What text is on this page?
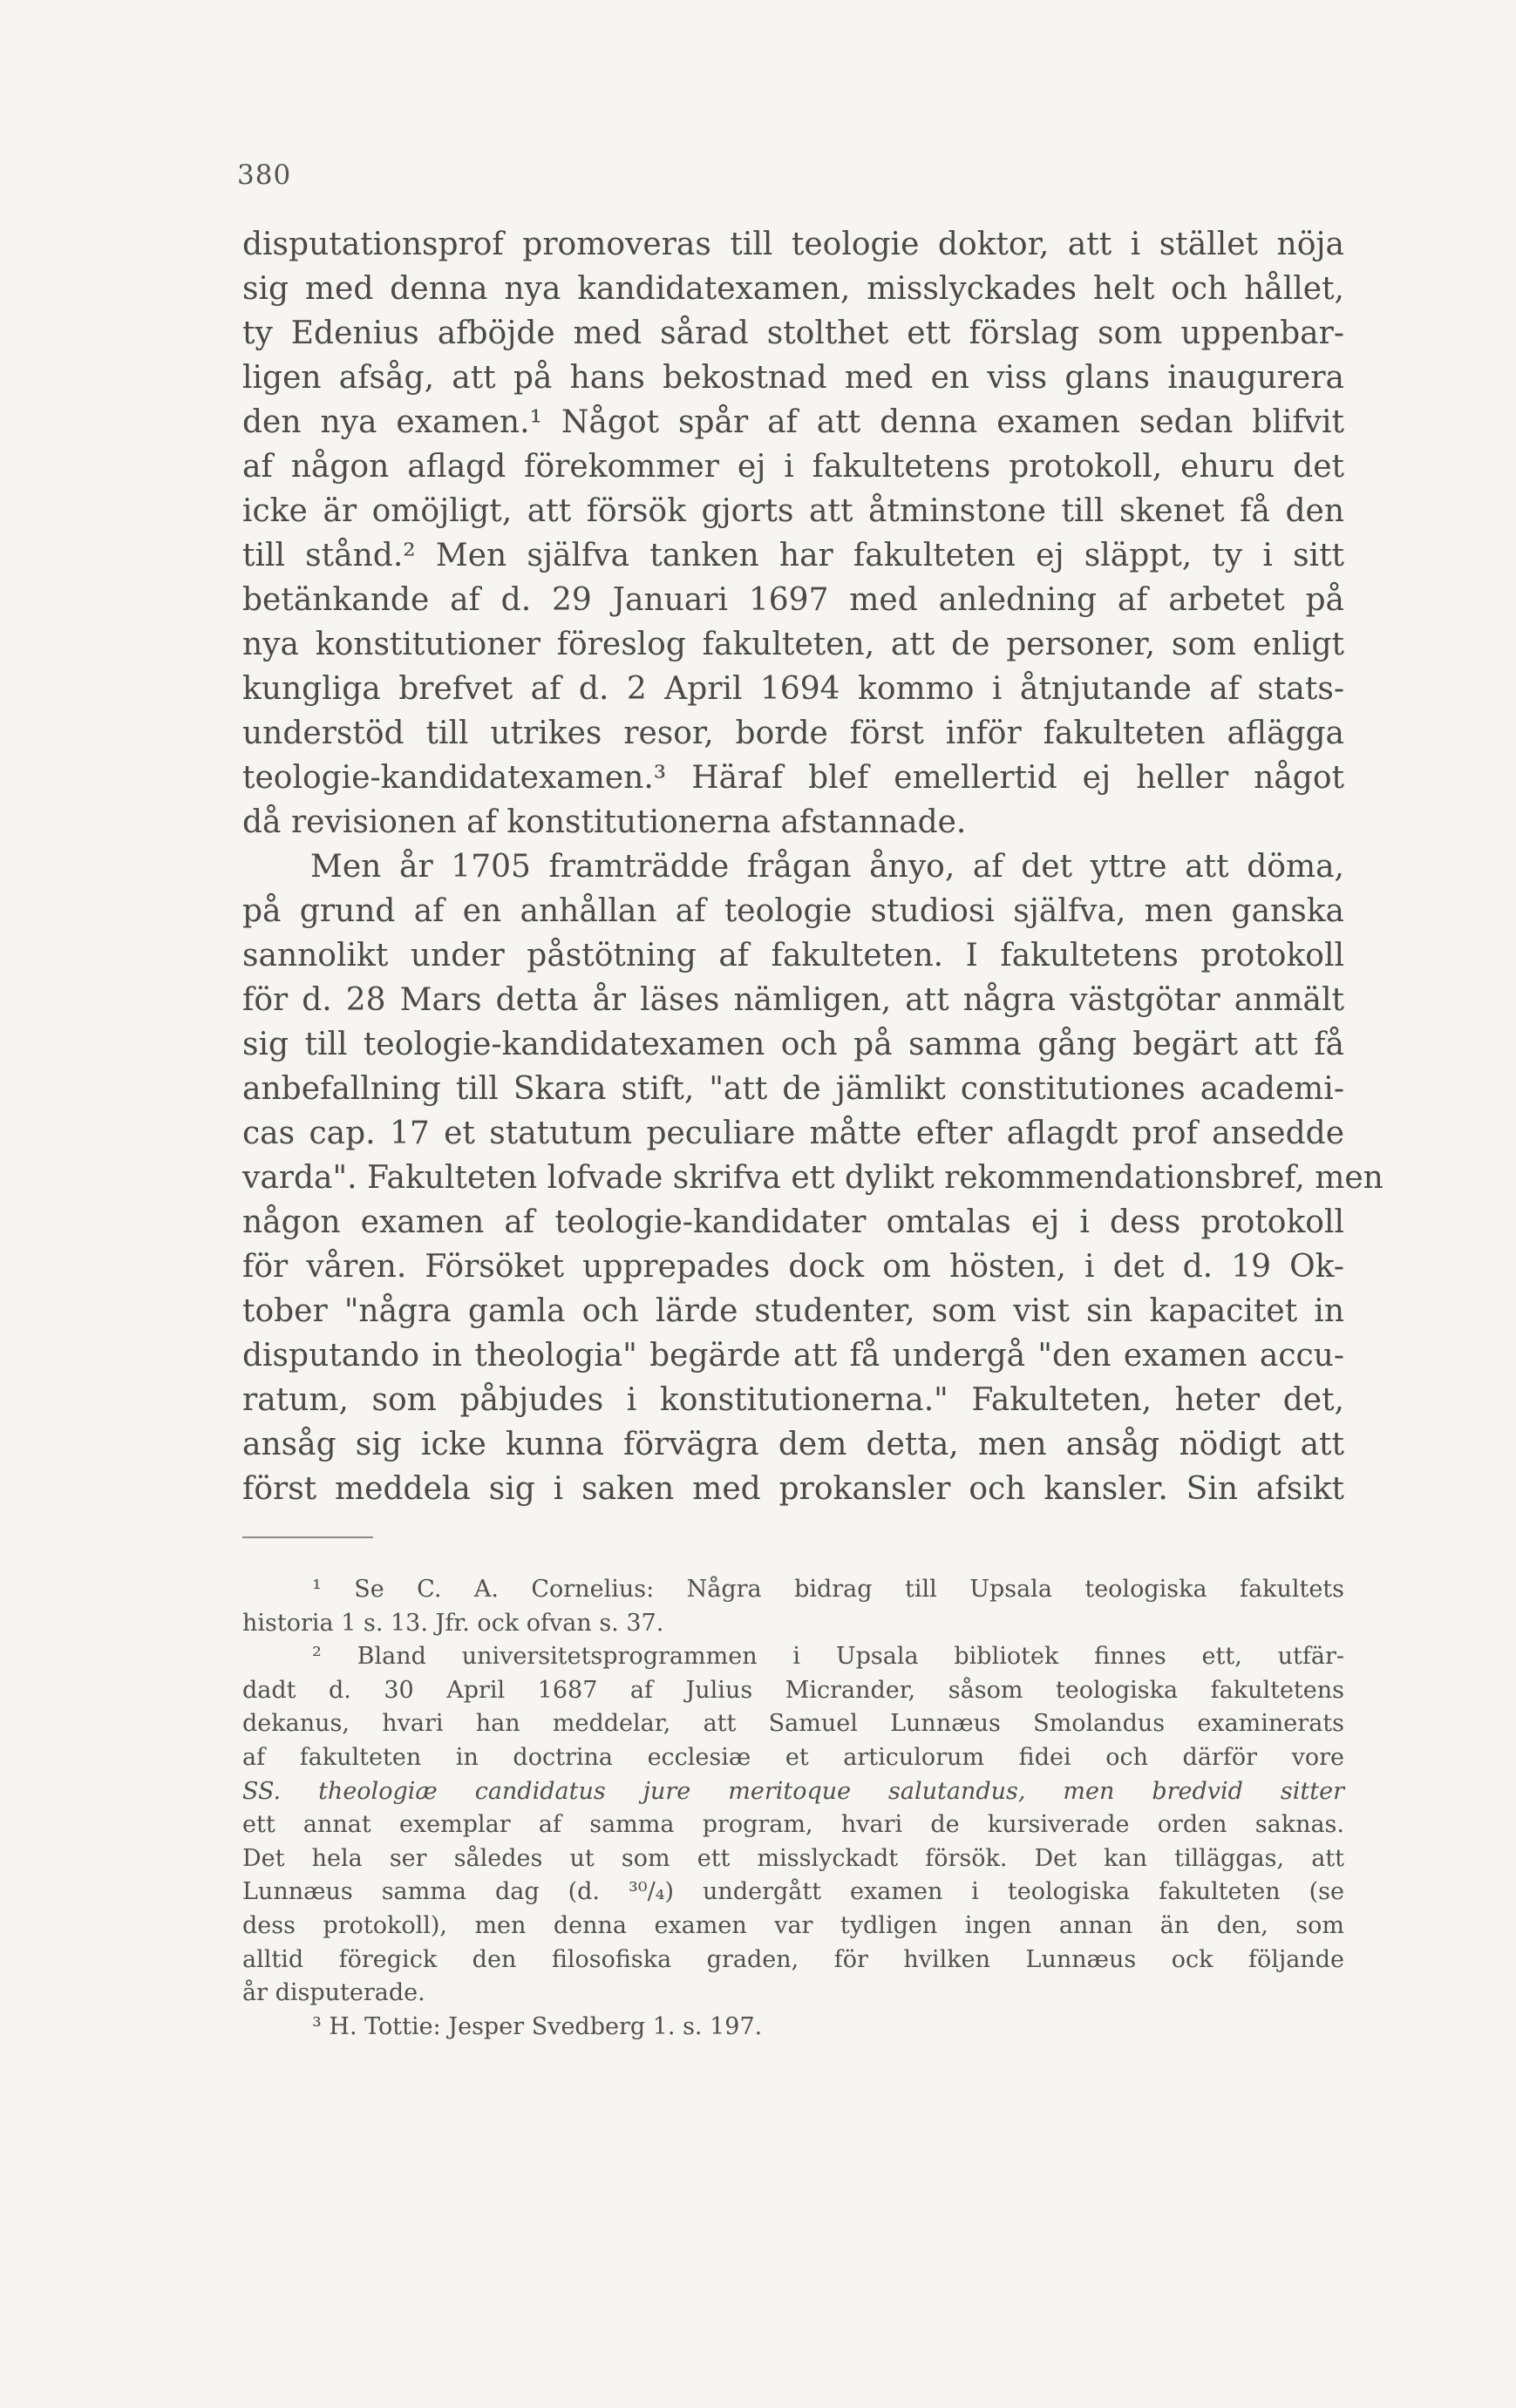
380
disputationsprof promoveras till teologie doktor, att i stället nöja
sig med denna nya kandidatexamen, misslyckades helt och hållet,
ty Edenius afböjde med sårad stolthet ett förslag som uppenbar-
ligen afsåg, att på hans bekostnad med en viss glans inaugurera
den nya examen.¹ Något spår af att denna examen sedan blifvit
af någon aflagd förekommer ej i fakultetens protokoll, ehuru det
icke är omöjligt, att försök gjorts att åtminstone till skenet få den
till stånd.² Men själfva tanken har fakulteten ej släppt, ty i sitt
betänkande af d. 29 Januari 1697 med anledning af arbetet på
nya konstitutioner föreslog fakulteten, att de personer, som enligt
kungliga brefvet af d. 2 April 1694 kommo i åtnjutande af stats-
understöd till utrikes resor, borde först inför fakulteten aflägga
teologie-kandidatexamen.³ Häraf blef emellertid ej heller något
då revisionen af konstitutionerna afstannade.
Men år 1705 framträdde frågan ånyo, af det yttre att döma,
på grund af en anhållan af teologie studiosi själfva, men ganska
sannolikt under påstötning af fakulteten. I fakultetens protokoll
för d. 28 Mars detta år läses nämligen, att några västgötar anmält
sig till teologie-kandidatexamen och på samma gång begärt att få
anbefallning till Skara stift, "att de jämlikt constitutiones academi-
cas cap. 17 et statutum peculiare måtte efter aflagdt prof ansedde
varda". Fakulteten lofvade skrifva ett dylikt rekommendationsbref, men
någon examen af teologie-kandidater omtalas ej i dess protokoll
för våren. Försöket upprepades dock om hösten, i det d. 19 Ok-
tober "några gamla och lärde studenter, som vist sin kapacitet in
disputando in theologia" begärde att få undergå "den examen accu-
ratum, som påbjudes i konstitutionerna." Fakulteten, heter det,
ansåg sig icke kunna förvägra dem detta, men ansåg nödigt att
först meddela sig i saken med prokansler och kansler. Sin afsikt
¹ Se C. A. Cornelius: Några bidrag till Upsala teologiska fakultets
historia 1 s. 13. Jfr. ock ofvan s. 37.
² Bland universitetsprogrammen i Upsala bibliotek finnes ett, utfär-
dadt d. 30 April 1687 af Julius Micrander, såsom teologiska fakultetens
dekanus, hvari han meddelar, att Samuel Lunnæus Smolandus examinerats
af fakulteten in doctrina ecclesiæ et articulorum fidei och därför vore
SS. theologiæ candidatus jure meritoque salutandus, men bredvid sitter
ett annat exemplar af samma program, hvari de kursiverade orden saknas.
Det hela ser således ut som ett misslyckadt försök. Det kan tilläggas, att
Lunnæus samma dag (d. ³⁰/₄) undergått examen i teologiska fakulteten (se
dess protokoll), men denna examen var tydligen ingen annan än den, som
alltid föregick den filosofiska graden, för hvilken Lunnæus ock följande
år disputerade.
³ H. Tottie: Jesper Svedberg 1. s. 197.
